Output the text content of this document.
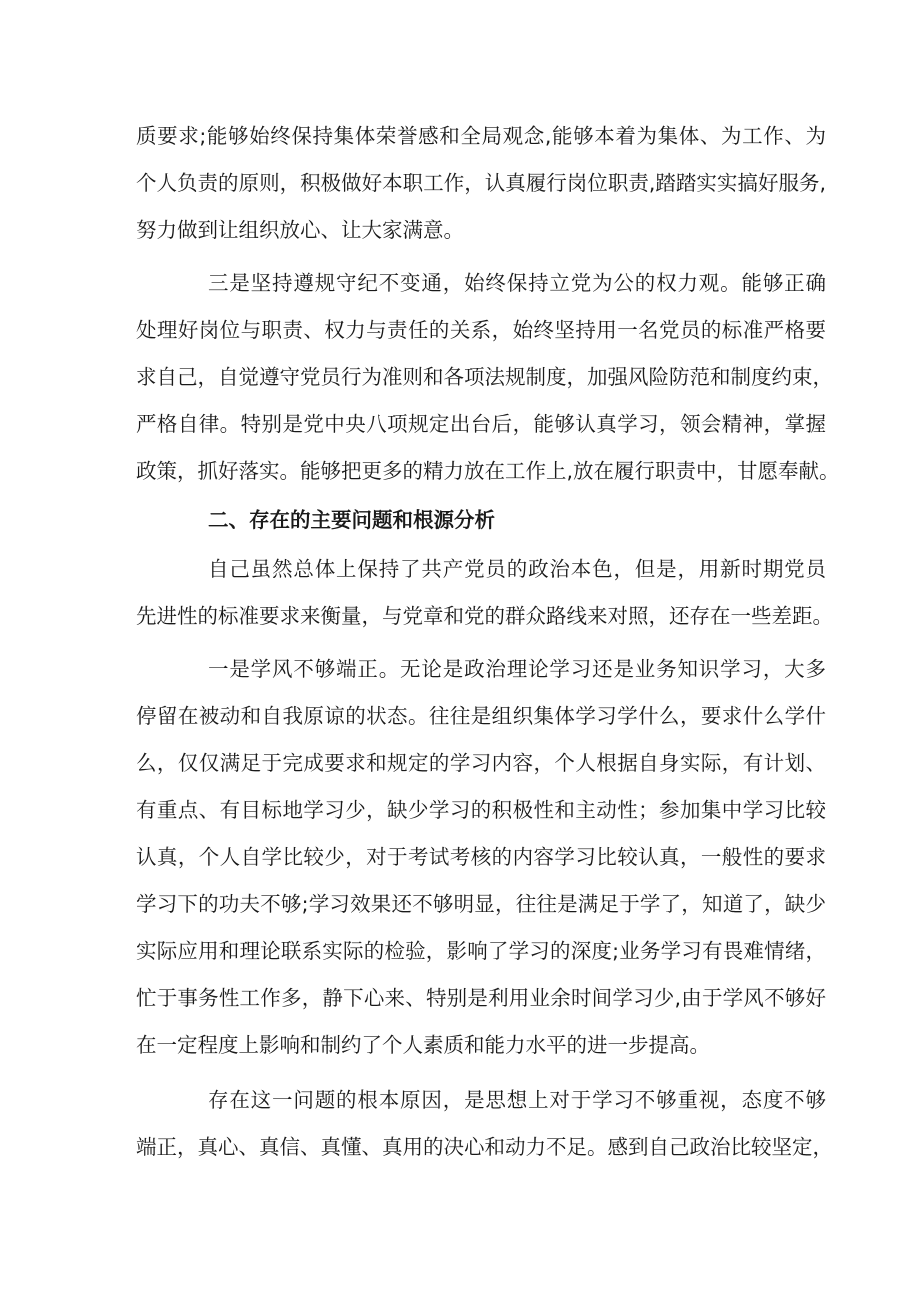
质要求;能够始终保持集体荣誉感和全局观念,能够本着为集体、为工作、为
个人负责的原则，积极做好本职工作，认真履行岗位职责,踏踏实实搞好服务,
努力做到让组织放心、让大家满意。
三是坚持遵规守纪不变通，始终保持立党为公的权力观。能够正确
处理好岗位与职责、权力与责任的关系，始终坚持用一名党员的标准严格要
求自己，自觉遵守党员行为准则和各项法规制度，加强风险防范和制度约束，
严格自律。特别是党中央八项规定出台后，能够认真学习，领会精神，掌握
政策，抓好落实。能够把更多的精力放在工作上,放在履行职责中，甘愿奉献。
二、存在的主要问题和根源分析
自己虽然总体上保持了共产党员的政治本色，但是，用新时期党员
先进性的标准要求来衡量，与党章和党的群众路线来对照，还存在一些差距。
一是学风不够端正。无论是政治理论学习还是业务知识学习，大多
停留在被动和自我原谅的状态。往往是组织集体学习学什么，要求什么学什
么，仅仅满足于完成要求和规定的学习内容，个人根据自身实际，有计划、
有重点、有目标地学习少，缺少学习的积极性和主动性；参加集中学习比较
认真，个人自学比较少，对于考试考核的内容学习比较认真，一般性的要求
学习下的功夫不够;学习效果还不够明显，往往是满足于学了，知道了，缺少
实际应用和理论联系实际的检验，影响了学习的深度;业务学习有畏难情绪，
忙于事务性工作多，静下心来、特别是利用业余时间学习少,由于学风不够好
在一定程度上影响和制约了个人素质和能力水平的进一步提高。
存在这一问题的根本原因，是思想上对于学习不够重视，态度不够
端正，真心、真信、真懂、真用的决心和动力不足。感到自己政治比较坚定，
